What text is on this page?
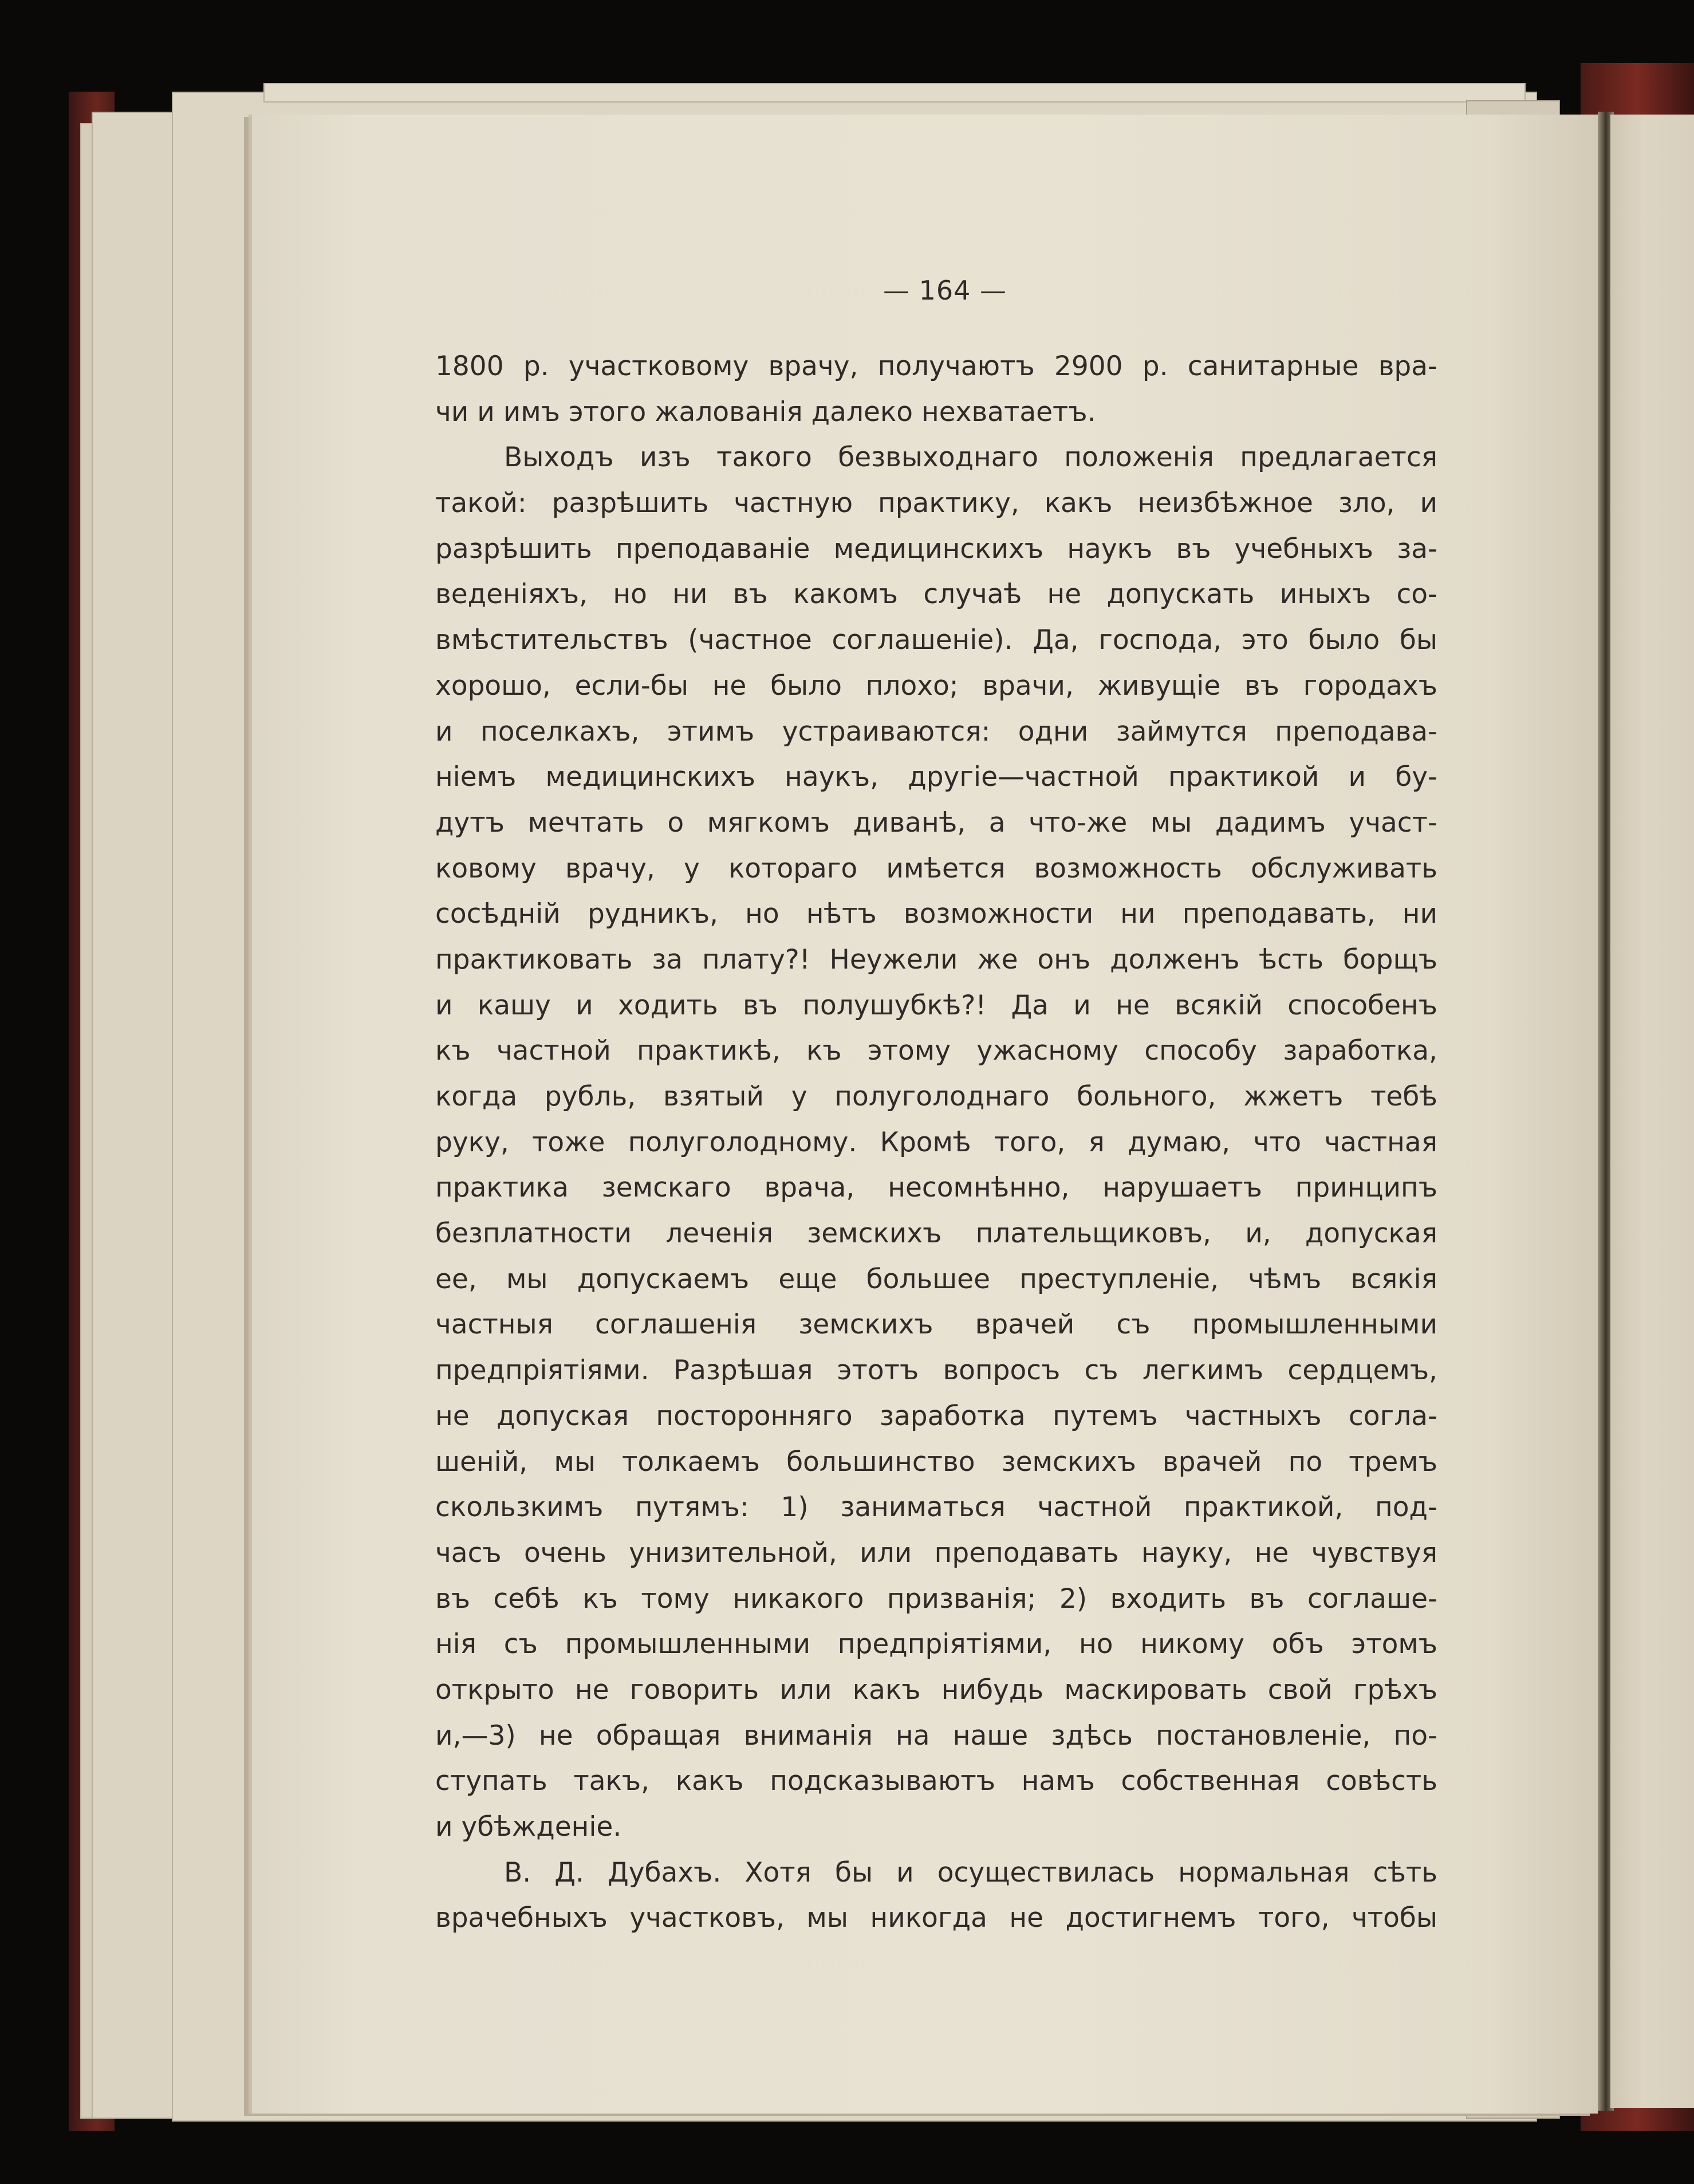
— 164 —
1800 р. участковому врачу, получаютъ 2900 р. санитарные вра-
чи и имъ этого жалованія далеко нехватаетъ.
Выходъ изъ такого безвыходнаго положенія предлагается
такой: разрѣшить частную практику, какъ неизбѣжное зло, и
разрѣшить преподаваніе медицинскихъ наукъ въ учебныхъ за-
веденіяхъ, но ни въ какомъ случаѣ не допускать иныхъ со-
вмѣстительствъ (частное соглашеніе). Да, господа, это было бы
хорошо, если-бы не было плохо; врачи, живущіе въ городахъ
и поселкахъ, этимъ устраиваются: одни займутся преподава-
ніемъ медицинскихъ наукъ, другіе—частной практикой и бу-
дутъ мечтать о мягкомъ диванѣ, а что-же мы дадимъ участ-
ковому врачу, у котораго имѣется возможность обслуживать
сосѣдній рудникъ, но нѣтъ возможности ни преподавать, ни
практиковать за плату?! Неужели же онъ долженъ ѣсть борщъ
и кашу и ходить въ полушубкѣ?! Да и не всякій способенъ
къ частной практикѣ, къ этому ужасному способу заработка,
когда рубль, взятый у полуголоднаго больного, жжетъ тебѣ
руку, тоже полуголодному. Кромѣ того, я думаю, что частная
практика земскаго врача, несомнѣнно, нарушаетъ принципъ
безплатности леченія земскихъ плательщиковъ, и, допуская
ее, мы допускаемъ еще большее преступленіе, чѣмъ всякія
частныя соглашенія земскихъ врачей съ промышленными
предпріятіями. Разрѣшая этотъ вопросъ съ легкимъ сердцемъ,
не допуская посторонняго заработка путемъ частныхъ согла-
шеній, мы толкаемъ большинство земскихъ врачей по тремъ
скользкимъ путямъ: 1) заниматься частной практикой, под-
часъ очень унизительной, или преподавать науку, не чувствуя
въ себѣ къ тому никакого призванія; 2) входить въ соглаше-
нія съ промышленными предпріятіями, но никому объ этомъ
открыто не говорить или какъ нибудь маскировать свой грѣхъ
и,—3) не обращая вниманія на наше здѣсь постановленіе, по-
ступать такъ, какъ подсказываютъ намъ собственная совѣсть
и убѣжденіе.
В. Д. Дубахъ. Хотя бы и осуществилась нормальная сѣть
врачебныхъ участковъ, мы никогда не достигнемъ того, чтобы
